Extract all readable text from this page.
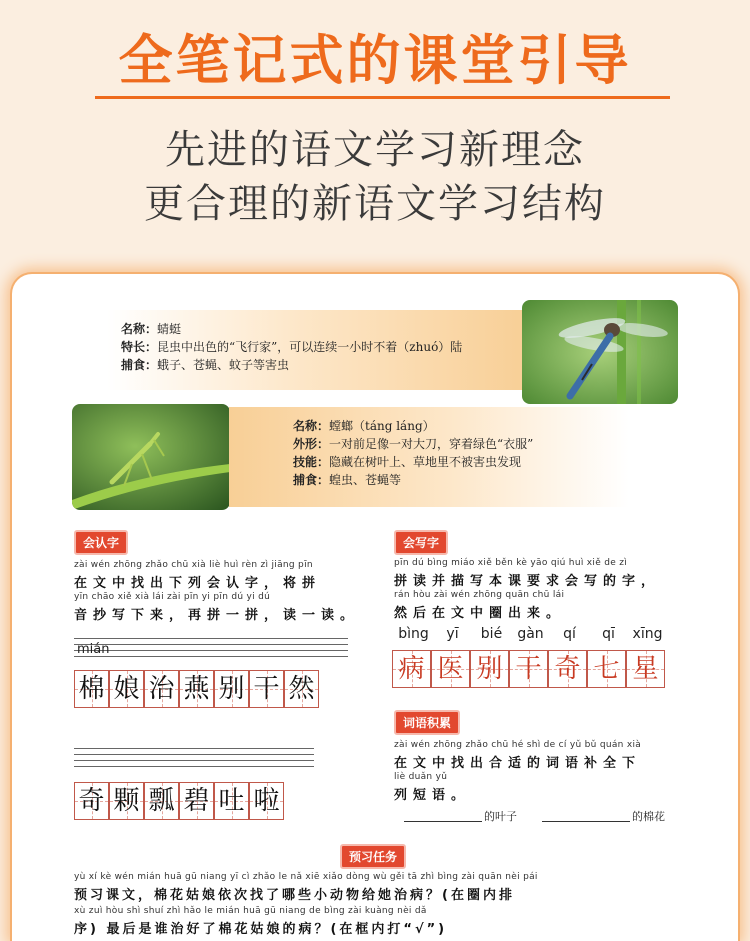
全笔记式的课堂引导
先进的语文学习新理念
更合理的新语文学习结构
名称：蜻蜓
特长：昆虫中出色的“飞行家”，可以连续一小时不着（zhuó）陆
捕食：蛾子、苍蝇、蚊子等害虫
名称：螳螂（táng láng）
外形：一对前足像一对大刀，穿着绿色“衣服”
技能：隐藏在树叶上、草地里不被害虫发现
捕食：蝗虫、苍蝇等
会认字
zài wén zhōng zhǎo chū xià liè huì rèn zì jiāng pīn
在文中找出下列会认字，将拼
yīn chāo xiě xià lái zài pīn yi pīn dú yi dú
音抄写下来，再拼一拼，读一读。
mián
棉 娘 治 燕 别 干 然
奇 颗 瓢 碧 吐 啦
会写字
pīn dú bìng miáo xiě běn kè yāo qiú huì xiě de zì
拼读并描写本课要求会写的字，
rán hòu zài wén zhōng quān chū lái
然后在文中圈出来。
bìng	yī	bié	gàn	qí	qī	xīng
病 医 别 干 奇 七 星
词语积累
zài wén zhōng zhǎo chū hé shì de cí yǔ bǔ quán xià
在文中找出合适的词语补全下
liè duǎn yǔ
列短语。
的叶子	的棉花
预习任务
yù xí kè wén mián huā gū niang yī cì zhǎo le nǎ xiē xiǎo dòng wù gěi tā zhì bìng zài quān nèi pái
预习课文，棉花姑娘依次找了哪些小动物给她治病？(在圈内排
xù zuì hòu shì shuí zhì hǎo le mián huā gū niang de bìng zài kuàng nèi dǎ
序) 最后是谁治好了棉花姑娘的病？(在框内打“√”)
